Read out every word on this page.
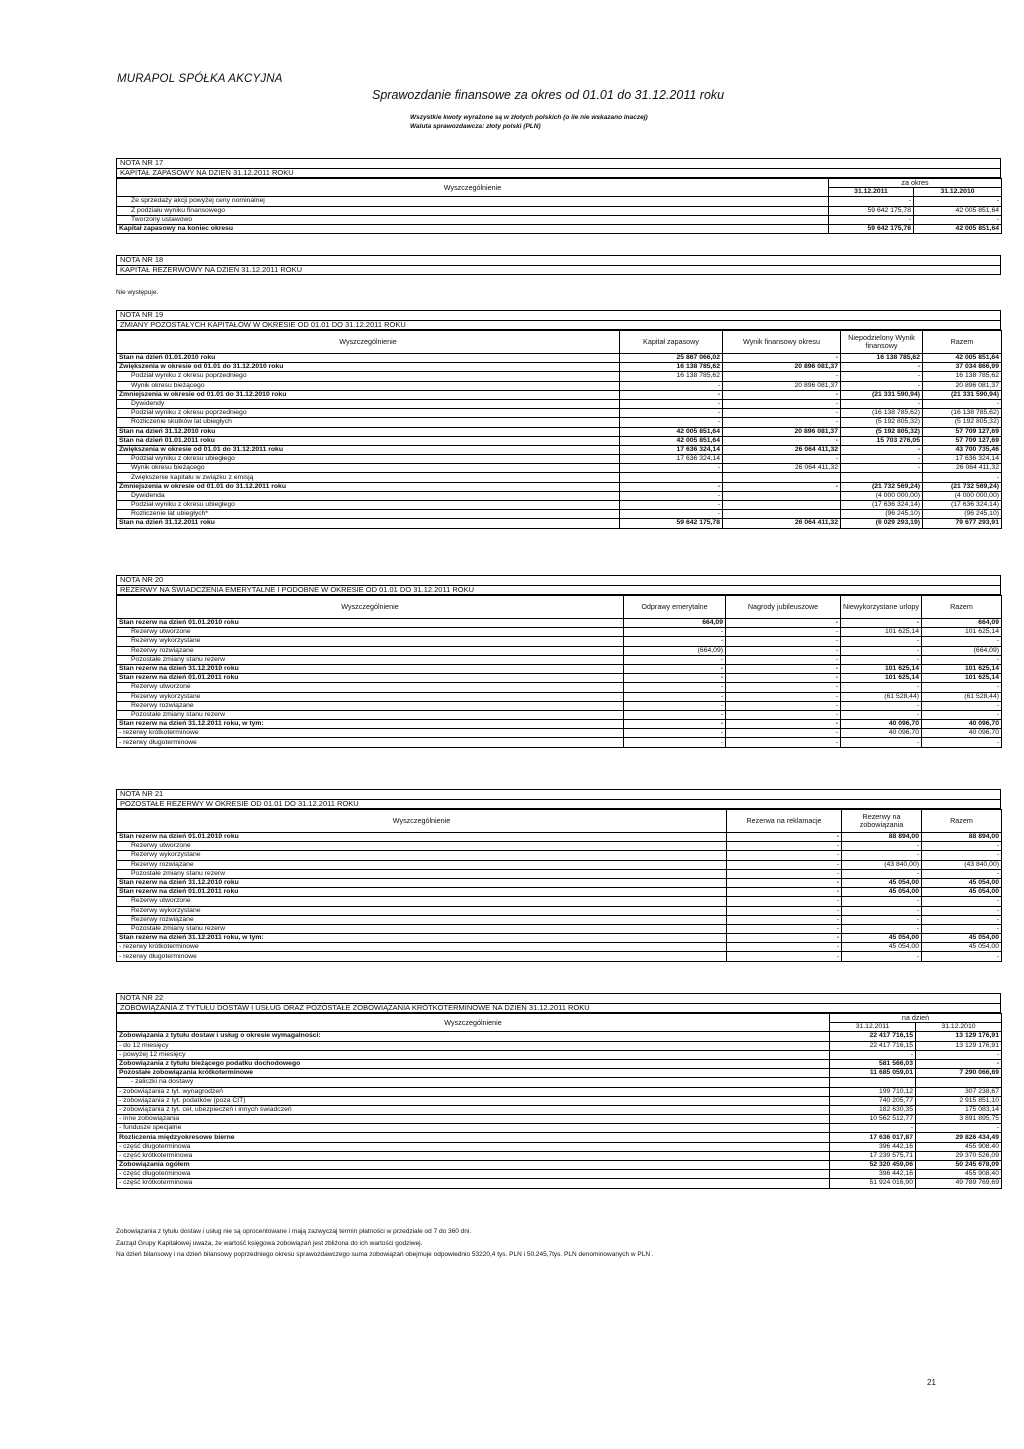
MURAPOL SPÓŁKA AKCYJNA
Sprawozdanie finansowe za okres od 01.01 do 31.12.2011 roku
Wszystkie kwoty wyrażone są w złotych polskich (o ile nie wskazano inaczej)
Waluta sprawozdawcza: złoty polski (PLN)
NOTA NR 17
KAPITAŁ ZAPASOWY NA DZIEŃ 31.12.2011 ROKU
Wyszczególnienie	za okres	
	31.12.2011	31.12.2010
Ze sprzedaży akcji powyżej ceny nominalnej	-	-
Z podziału wyniku finansowego	59 642 175,78	42 005 851,64
Tworzony ustawowo	-	-
Kapitał zapasowy na koniec okresu	59 642 175,78	42 005 851,64
NOTA NR 18
KAPITAŁ REZERWOWY NA DZIEŃ 31.12.2011 ROKU
Nie występuje.
NOTA NR 19
ZMIANY POZOSTAŁYCH KAPITAŁÓW W OKRESIE OD 01.01 DO 31.12.2011 ROKU
Wyszczególnienie	Kapitał zapasowy	Wynik finansowy okresu	Niepodzielony Wynik finansowy	Razem
Stan na dzień 01.01.2010 roku	25 867 066,02	-	16 138 785,62	42 005 851,64
Zwiększenia w okresie od 01.01 do 31.12.2010 roku	16 138 785,62	20 896 081,37	-	37 034 866,99
Podział wyniku z okresu poprzedniego	16 138 785,62	-	-	16 138 785,62
Wynik okresu bieżącego	-	20 896 081,37	-	20 896 081,37
Zmniejszenia w okresie od 01.01 do 31.12.2010 roku	-	-	(21 331 590,94)	(21 331 590,94)
Dywidendy	-	-	-	-
Podział wyniku z okresu poprzedniego	-	-	(16 138 785,62)	(16 138 785,62)
Rozliczenie skutków lat ubiegłych	-	-	(5 192 805,32)	(5 192 805,32)
Stan na dzień 31.12.2010 roku	42 005 851,64	20 896 081,37	(5 192 805,32)	57 709 127,69
Stan na dzień 01.01.2011 roku	42 005 851,64	-	15 703 276,05	57 709 127,69
Zwiększenia w okresie od 01.01 do 31.12.2011 roku	17 636 324,14	26 064 411,32	-	43 700 735,46
Podział wyniku z okresu ubiegłego	17 636 324,14	-	-	17 636 324,14
Wynik okresu bieżącego	-	26 064 411,32	-	26 064 411,32
Zwiększenie kapitału w związku z emisją				-
Zmniejszenia w okresie od 01.01 do 31.12.2011 roku	-	-	(21 732 569,24)	(21 732 569,24)
Dywidenda	-		(4 000 000,00)	(4 000 000,00)
Podział wyniku z okresu ubiegłego	-		(17 636 324,14)	(17 636 324,14)
Rozliczenie lat ubiegłych*	-		(96 245,10)	(96 245,10)
Stan na dzień 31.12.2011 roku	59 642 175,78	26 064 411,32	(6 029 293,19)	79 677 293,91
NOTA NR 20
REZERWY NA ŚWIADCZENIA EMERYTALNE I PODOBNE W OKRESIE OD 01.01 DO 31.12.2011 ROKU
Wyszczególnienie	Odprawy emerytalne	Nagrody jubileuszowe	Niewykorzystane urlopy	Razem
Stan rezerw na dzień 01.01.2010 roku	664,09	-	-	664,09
Rezerwy utworzone	-	-	101 625,14	101 625,14
Rezerwy wykorzystane	-	-	-	-
Rezerwy rozwiązane	(664,09)	-	-	(664,09)
Pozostałe zmiany stanu rezerw	-	-	-	-
Stan rezerw na dzień 31.12.2010 roku	-	-	101 625,14	101 625,14
Stan rezerw na dzień 01.01.2011 roku	-	-	101 625,14	101 625,14
Rezerwy utworzone	-	-	-	-
Rezerwy wykorzystane	-	-	(61 528,44)	(61 528,44)
Rezerwy rozwiązane	-	-	-	-
Pozostałe zmiany stanu rezerw	-	-	-	-
Stan rezerw na dzień 31.12.2011 roku, w tym:	-	-	40 096,70	40 096,70
- rezerwy krótkoterminowe	-	-	40 096,70	40 096,70
- rezerwy długoterminowe	-	-	-	-
NOTA NR 21
POZOSTAŁE REZERWY W OKRESIE OD 01.01 DO 31.12.2011 ROKU
Wyszczególnienie	Rezerwa na reklamacje	Rezerwy na zobowiązania	Razem
Stan rezerw na dzień 01.01.2010 roku	-	88 894,00	88 894,00
Rezerwy utworzone	-	-	-
Rezerwy wykorzystane	-	-	-
Rezerwy rozwiązane	-	(43 840,00)	(43 840,00)
Pozostałe zmiany stanu rezerw	-	-	-
Stan rezerw na dzień 31.12.2010 roku	-	45 054,00	45 054,00
Stan rezerw na dzień 01.01.2011 roku	-	45 054,00	45 054,00
Rezerwy utworzone	-	-	-
Rezerwy wykorzystane	-	-	-
Rezerwy rozwiązane	-	-	-
Pozostałe zmiany stanu rezerw	-	-	-
Stan rezerw na dzień 31.12.2011 roku, w tym:	-	45 054,00	45 054,00
- rezerwy krótkoterminowe	-	45 054,00	45 054,00
- rezerwy długoterminowe	-	-	-
NOTA NR 22
ZOBOWIĄZANIA Z TYTUŁU DOSTAW I USŁUG ORAZ POZOSTAŁE ZOBOWIĄZANIA KRÓTKOTERMINOWE NA DZIEŃ 31.12.2011 ROKU
Wyszczególnienie	na dzień	
	31.12.2011	31.12.2010
Zobowiązania z tytułu dostaw i usług o okresie wymagalności:	22 417 716,15	13 129 176,91
- do 12 miesięcy	22 417 716,15	13 129 176,91
- powyżej 12 miesięcy	-	-
Zobowiązania z tytułu bieżącego podatku dochodowego	581 566,03	-
Pozostałe zobowiązania krótkoterminowe	11 685 059,01	7 290 066,69
- zaliczki na dostawy		
- zobowiązania z tyt. wynagrodzeń	199 710,12	307 238,67
- zobowiązania z tyt. podatków (poza CIT)	740 205,77	2 915 851,10
- zobowiązania z tyt. ceł, ubezpieczeń i innych świadczeń	182 630,35	175 083,14
- inne zobowiązania	10 562 512,77	3 891 895,75
- fundusze specjalne	-	-
Rozliczenia międzyokresowe bierne	17 636 017,87	29 826 434,49
- część długoterminowa	396 442,16	455 908,40
- część krótkoterminowa	17 239 575,71	29 370 526,09
Zobowiązania ogółem	52 320 459,06	50 245 678,09
- część długoterminowa	396 442,16	455 908,40
- część krótkoterminowa	51 924 016,90	49 789 769,69
Zobowiązania z tytułu dostaw i usług nie są oprocentowane i mają zazwyczaj termin płatności w przedziale od 7 do 360 dni.
Zarząd Grupy Kapitałowej uważa, że wartość księgowa zobowiązań jest zbliżona do ich wartości godziwej.
Na dzień bilansowy i na dzień bilansowy poprzedniego okresu sprawozdawczego suma zobowiązań obejmuje odpowiednio 53220,4 tys. PLN i 50.245,7tys. PLN denominowanych w PLN .
21
